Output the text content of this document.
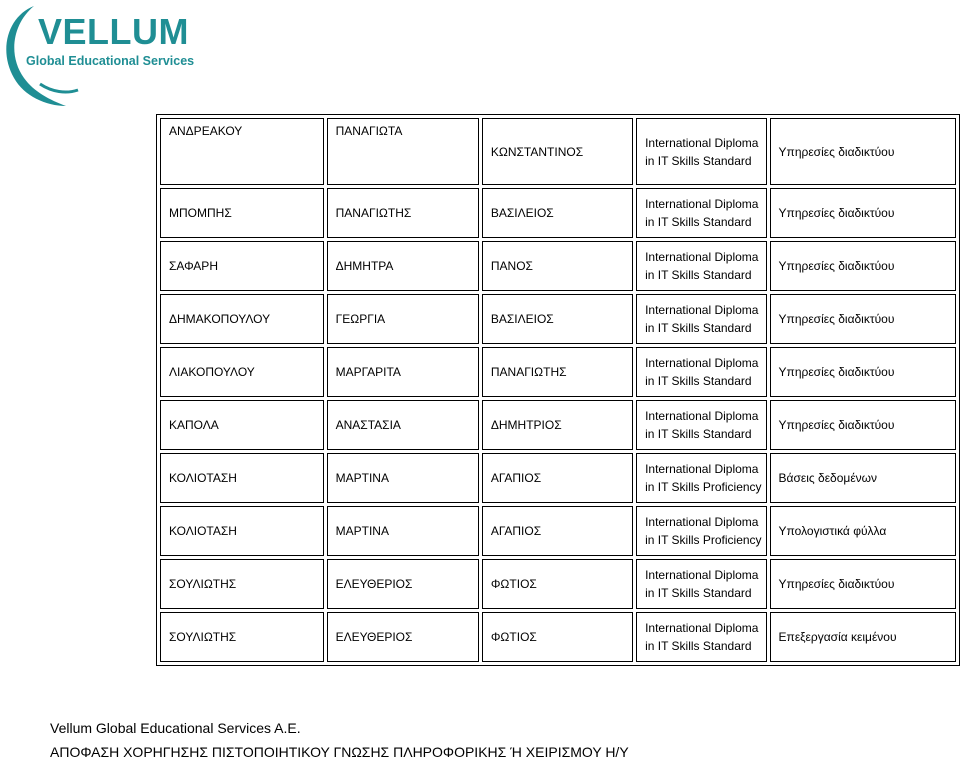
VELLUM
Global Educational Services
ΑΝΔΡΕΑΚΟΥ	ΠΑΝΑΓΙΩΤΑ	ΚΩΝΣΤΑΝΤΙΝΟΣ	International Diploma in IT Skills Standard	Υπηρεσίες διαδικτύου
ΜΠΟΜΠΗΣ	ΠΑΝΑΓΙΩΤΗΣ	ΒΑΣΙΛΕΙΟΣ	International Diploma in IT Skills Standard	Υπηρεσίες διαδικτύου
ΣΑΦΑΡΗ	ΔΗΜΗΤΡΑ	ΠΑΝΟΣ	International Diploma in IT Skills Standard	Υπηρεσίες διαδικτύου
ΔΗΜΑΚΟΠΟΥΛΟΥ	ΓΕΩΡΓΙΑ	ΒΑΣΙΛΕΙΟΣ	International Diploma in IT Skills Standard	Υπηρεσίες διαδικτύου
ΛΙΑΚΟΠΟΥΛΟΥ	ΜΑΡΓΑΡΙΤΑ	ΠΑΝΑΓΙΩΤΗΣ	International Diploma in IT Skills Standard	Υπηρεσίες διαδικτύου
ΚΑΠΟΛΑ	ΑΝΑΣΤΑΣΙΑ	ΔΗΜΗΤΡΙΟΣ	International Diploma in IT Skills Standard	Υπηρεσίες διαδικτύου
ΚΟΛΙΟΤΑΣΗ	ΜΑΡΤΙΝΑ	ΑΓΑΠΙΟΣ	International Diploma in IT Skills Proficiency	Βάσεις δεδομένων
ΚΟΛΙΟΤΑΣΗ	ΜΑΡΤΙΝΑ	ΑΓΑΠΙΟΣ	International Diploma in IT Skills Proficiency	Υπολογιστικά φύλλα
ΣΟΥΛΙΩΤΗΣ	ΕΛΕΥΘΕΡΙΟΣ	ΦΩΤΙΟΣ	International Diploma in IT Skills Standard	Υπηρεσίες διαδικτύου
ΣΟΥΛΙΩΤΗΣ	ΕΛΕΥΘΕΡΙΟΣ	ΦΩΤΙΟΣ	International Diploma in IT Skills Standard	Επεξεργασία κειμένου
Vellum Global Educational Services A.E.
ΑΠΟΦΑΣΗ ΧΟΡΗΓΗΣΗΣ ΠΙΣΤΟΠΟΙΗΤΙΚΟΥ ΓΝΩΣΗΣ ΠΛΗΡΟΦΟΡΙΚΗΣ Ή ΧΕΙΡΙΣΜΟΥ Η/Υ
